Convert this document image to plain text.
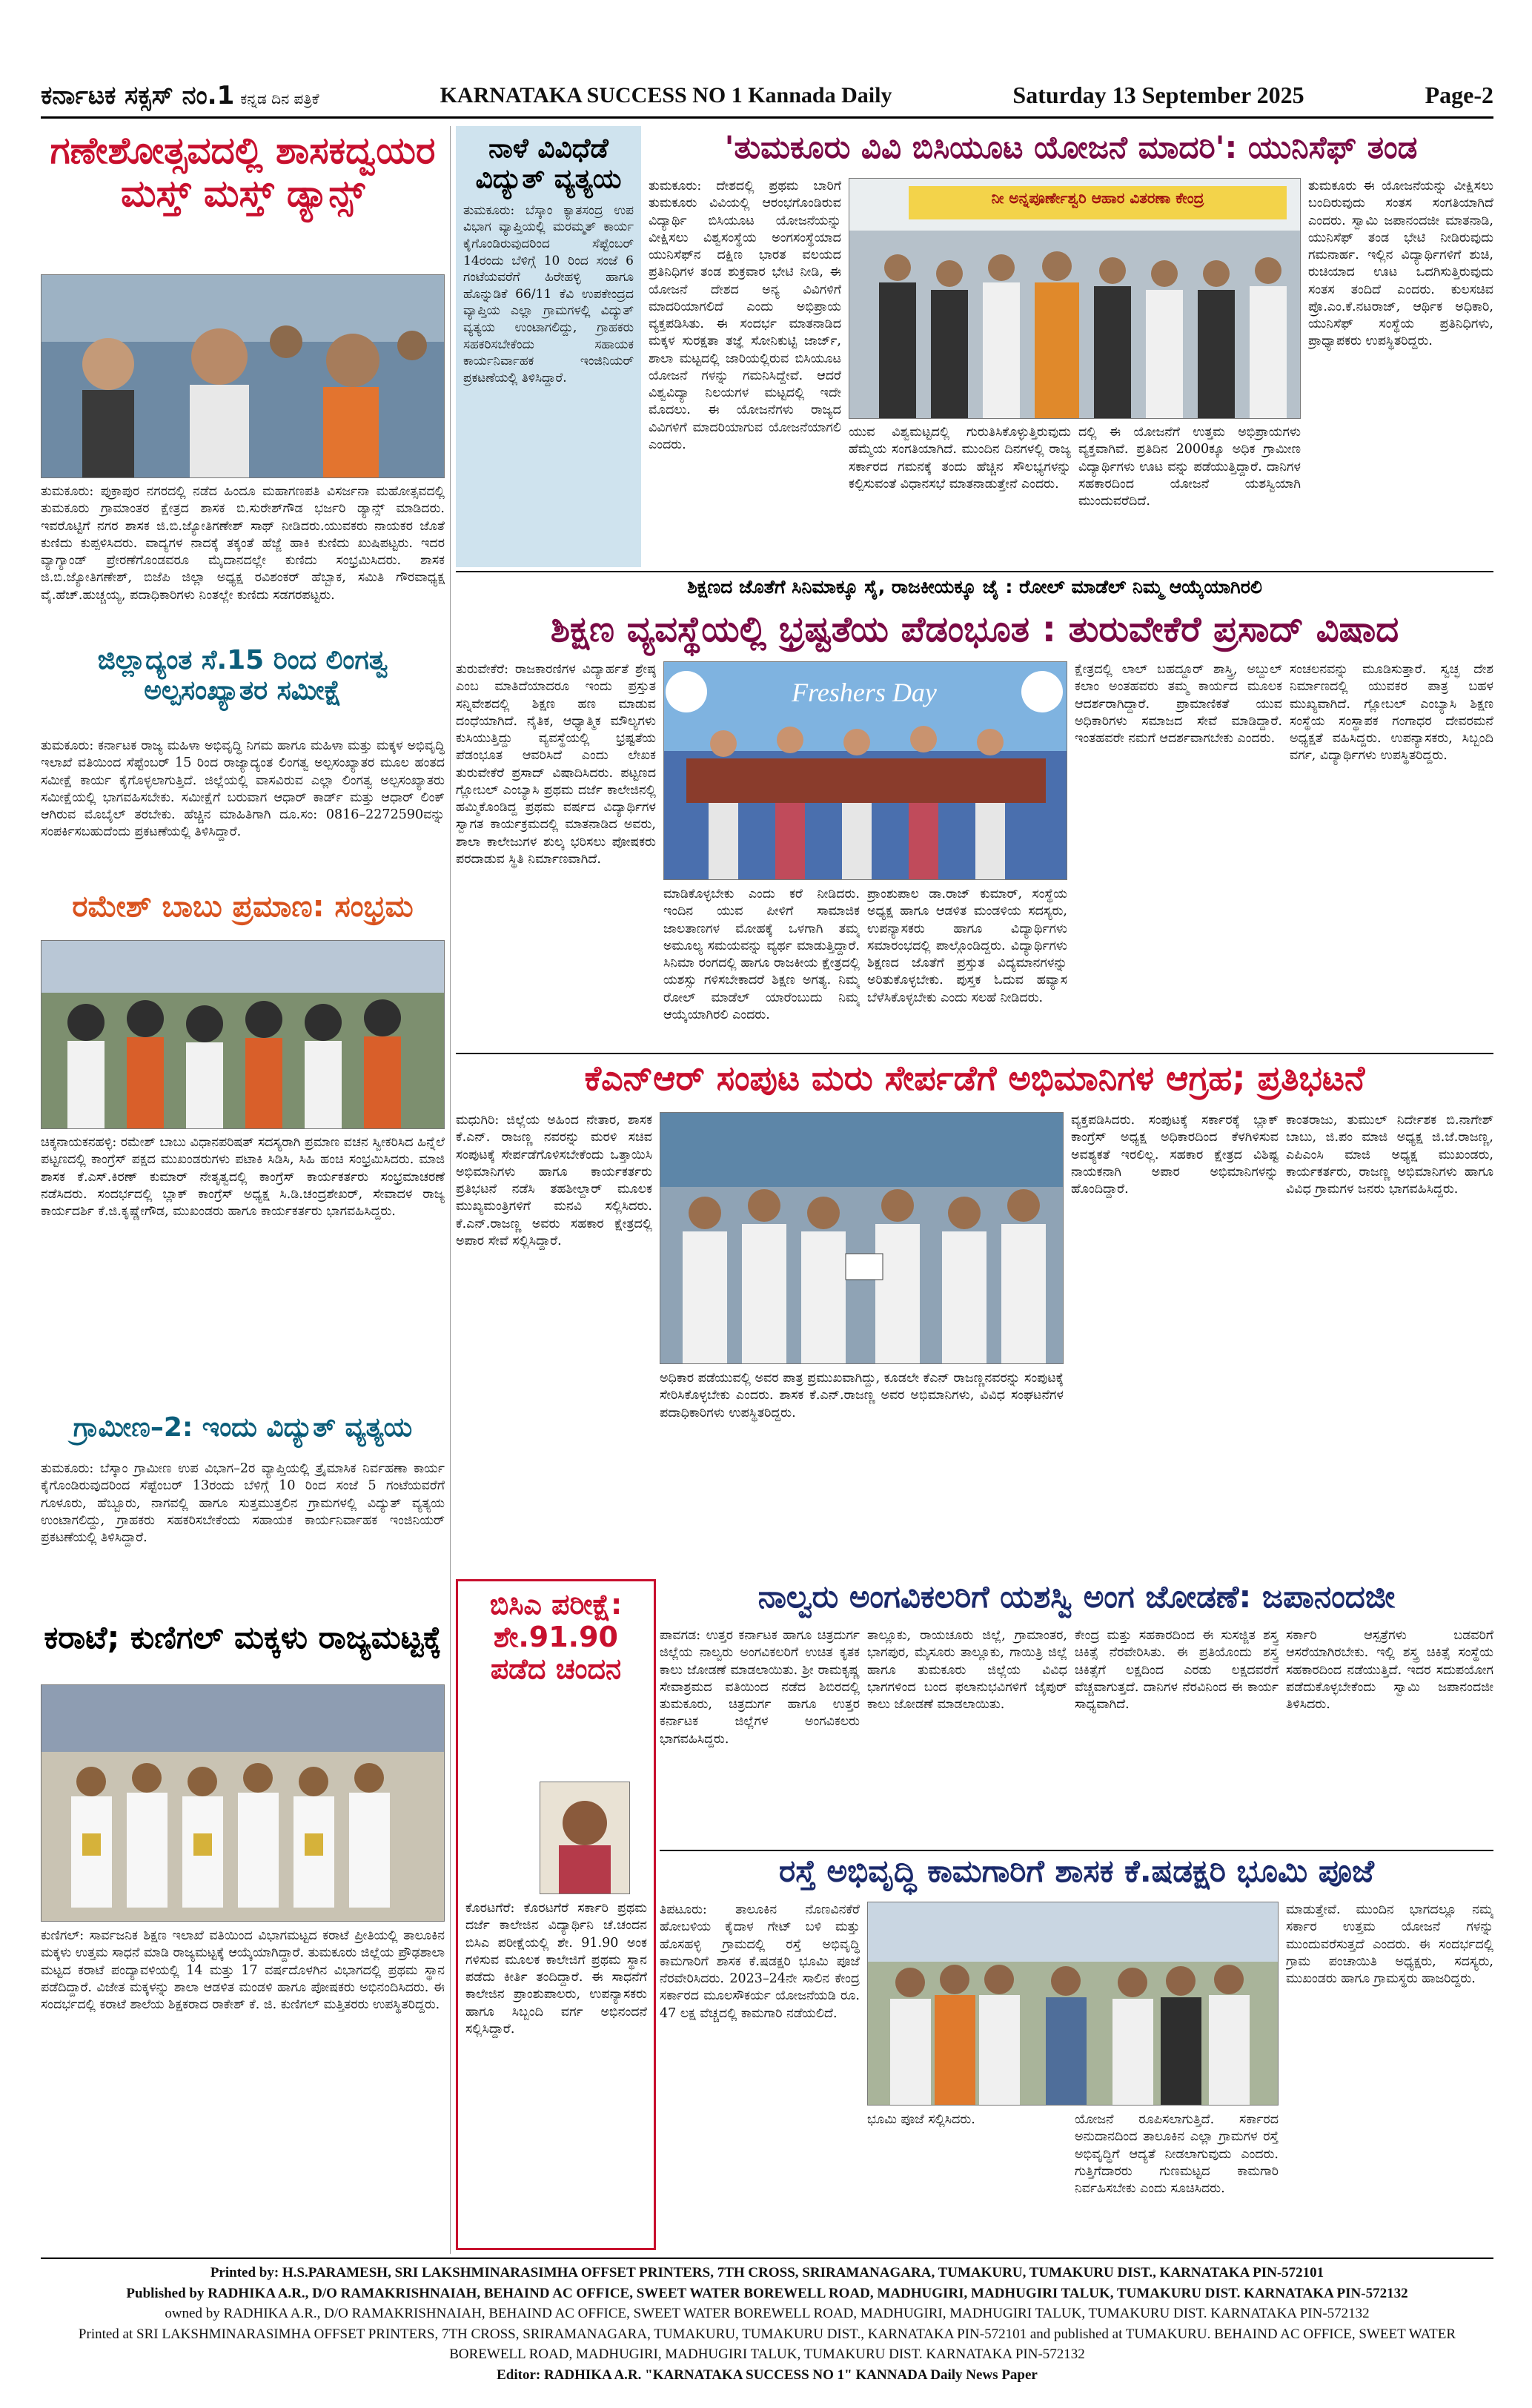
ಕರ್ನಾಟಕ ಸಕ್ಸಸ್ ನಂ.1 ಕನ್ನಡ ದಿನ ಪತ್ರಿಕೆ	KARNATAKA SUCCESS NO 1 Kannada Daily	Saturday 13 September 2025	Page-2
ಗಣೇಶೋತ್ಸವದಲ್ಲಿ ಶಾಸಕದ್ವಯರ ಮಸ್ತ್ ಮಸ್ತ್ ಡ್ಯಾನ್ಸ್
ತುಮಕೂರು: ಪುಕ್ರಾಪುರ ನಗರದಲ್ಲಿ ನಡೆದ ಹಿಂದೂ ಮಹಾಗಣಪತಿ ವಿಸರ್ಜನಾ ಮಹೋತ್ಸವದಲ್ಲಿ ತುಮಕೂರು ಗ್ರಾಮಾಂತರ ಕ್ಷೇತ್ರದ ಶಾಸಕ ಬಿ.ಸುರೇಶ್‌ಗೌಡ ಭರ್ಜರಿ ಡ್ಯಾನ್ಸ್ ಮಾಡಿದರು. ಇವರೊಟ್ಟಿಗೆ ನಗರ ಶಾಸಕ ಜಿ.ಬಿ.ಜ್ಯೋತಿಗಣೇಶ್ ಸಾಥ್ ನೀಡಿದರು.ಯುವಕರು ನಾಯಕರ ಜೊತೆ ಕುಣಿದು ಕುಪ್ಪಳಿಸಿದರು. ವಾದ್ಯಗಳ ನಾದಕ್ಕೆ ತಕ್ಕಂತೆ ಹೆಜ್ಜೆ ಹಾಕಿ ಕುಣಿದು ಖುಷಿಪಟ್ಟರು. ಇದರ ವ್ಯಾಗ್ಯಾಂಡ್ ಪ್ರೇರಣೆಗೊಂಡವರೂ ಮೈದಾನದಲ್ಲೇ ಕುಣಿದು ಸಂಭ್ರಮಿಸಿದರು. ಶಾಸಕ ಜಿ.ಬಿ.ಜ್ಯೋತಿಗಣೇಶ್, ಬಿಜೆಪಿ ಜಿಲ್ಲಾ ಅಧ್ಯಕ್ಷ ರವಿಶಂಕರ್ ಹೆಬ್ಬಾಕ, ಸಮಿತಿ ಗೌರವಾಧ್ಯಕ್ಷ ವೈ.ಹೆಚ್.ಹುಚ್ಚಯ್ಯ, ಪದಾಧಿಕಾರಿಗಳು ನಿಂತಲ್ಲೇ ಕುಣಿದು ಸಡಗರಪಟ್ಟರು.
ಜಿಲ್ಲಾದ್ಯಂತ ಸೆ.15 ರಿಂದ ಲಿಂಗತ್ವ ಅಲ್ಪಸಂಖ್ಯಾತರ ಸಮೀಕ್ಷೆ
ತುಮಕೂರು: ಕರ್ನಾಟಕ ರಾಜ್ಯ ಮಹಿಳಾ ಅಭಿವೃದ್ಧಿ ನಿಗಮ ಹಾಗೂ ಮಹಿಳಾ ಮತ್ತು ಮಕ್ಕಳ ಅಭಿವೃದ್ಧಿ ಇಲಾಖೆ ವತಿಯಿಂದ ಸೆಪ್ಟೆಂಬರ್ 15 ರಿಂದ ರಾಜ್ಯಾದ್ಯಂತ ಲಿಂಗತ್ವ ಅಲ್ಪಸಂಖ್ಯಾತರ ಮೂಲ ಹಂತದ ಸಮೀಕ್ಷೆ ಕಾರ್ಯ ಕೈಗೊಳ್ಳಲಾಗುತ್ತಿದೆ. ಜಿಲ್ಲೆಯಲ್ಲಿ ವಾಸವಿರುವ ಎಲ್ಲಾ ಲಿಂಗತ್ವ ಅಲ್ಪಸಂಖ್ಯಾತರು ಸಮೀಕ್ಷೆಯಲ್ಲಿ ಭಾಗವಹಿಸಬೇಕು. ಸಮೀಕ್ಷೆಗೆ ಬರುವಾಗ ಆಧಾರ್ ಕಾರ್ಡ್ ಮತ್ತು ಆಧಾರ್ ಲಿಂಕ್ ಆಗಿರುವ ಮೊಬೈಲ್ ತರಬೇಕು. ಹೆಚ್ಚಿನ ಮಾಹಿತಿಗಾಗಿ ದೂ.ಸಂ: 0816–2272590ವನ್ನು ಸಂಪರ್ಕಿಸಬಹುದೆಂದು ಪ್ರಕಟಣೆಯಲ್ಲಿ ತಿಳಿಸಿದ್ದಾರೆ.
ರಮೇಶ್ ಬಾಬು ಪ್ರಮಾಣ: ಸಂಭ್ರಮ
ಚಿಕ್ಕನಾಯಕನಹಳ್ಳಿ: ರಮೇಶ್ ಬಾಬು ವಿಧಾನಪರಿಷತ್ ಸದಸ್ಯರಾಗಿ ಪ್ರಮಾಣ ವಚನ ಸ್ವೀಕರಿಸಿದ ಹಿನ್ನೆಲೆ ಪಟ್ಟಣದಲ್ಲಿ ಕಾಂಗ್ರೆಸ್ ಪಕ್ಷದ ಮುಖಂಡರುಗಳು ಪಟಾಕಿ ಸಿಡಿಸಿ, ಸಿಹಿ ಹಂಚಿ ಸಂಭ್ರಮಿಸಿದರು. ಮಾಜಿ ಶಾಸಕ ಕೆ.ಎಸ್.ಕಿರಣ್ ಕುಮಾರ್ ನೇತೃತ್ವದಲ್ಲಿ ಕಾಂಗ್ರೆಸ್ ಕಾರ್ಯಕರ್ತರು ಸಂಭ್ರಮಾಚರಣೆ ನಡೆಸಿದರು. ಸಂದರ್ಭದಲ್ಲಿ ಬ್ಲಾಕ್ ಕಾಂಗ್ರೆಸ್ ಅಧ್ಯಕ್ಷ ಸಿ.ಡಿ.ಚಂದ್ರಶೇಖರ್, ಸೇವಾದಳ ರಾಜ್ಯ ಕಾರ್ಯದರ್ಶಿ ಕೆ.ಜಿ.ಕೃಷ್ಣೇಗೌಡ, ಮುಖಂಡರು ಹಾಗೂ ಕಾರ್ಯಕರ್ತರು ಭಾಗವಹಿಸಿದ್ದರು.
ಗ್ರಾಮೀಣ–2: ಇಂದು ವಿದ್ಯುತ್ ವ್ಯತ್ಯಯ
ತುಮಕೂರು: ಬೆಸ್ಕಾಂ ಗ್ರಾಮೀಣ ಉಪ ವಿಭಾಗ–2ರ ವ್ಯಾಪ್ತಿಯಲ್ಲಿ ತ್ರೈಮಾಸಿಕ ನಿರ್ವಹಣಾ ಕಾರ್ಯ ಕೈಗೊಂಡಿರುವುದರಿಂದ ಸೆಪ್ಟೆಂಬರ್ 13ರಂದು ಬೆಳಿಗ್ಗೆ 10 ರಿಂದ ಸಂಜೆ 5 ಗಂಟೆಯವರೆಗೆ ಗೂಳೂರು, ಹೆಬ್ಬೂರು, ನಾಗವಲ್ಲಿ ಹಾಗೂ ಸುತ್ತಮುತ್ತಲಿನ ಗ್ರಾಮಗಳಲ್ಲಿ ವಿದ್ಯುತ್ ವ್ಯತ್ಯಯ ಉಂಟಾಗಲಿದ್ದು, ಗ್ರಾಹಕರು ಸಹಕರಿಸಬೇಕೆಂದು ಸಹಾಯಕ ಕಾರ್ಯನಿರ್ವಾಹಕ ಇಂಜಿನಿಯರ್ ಪ್ರಕಟಣೆಯಲ್ಲಿ ತಿಳಿಸಿದ್ದಾರೆ.
ಕರಾಟೆ; ಕುಣಿಗಲ್ ಮಕ್ಕಳು ರಾಜ್ಯಮಟ್ಟಕ್ಕೆ
ಕುಣಿಗಲ್: ಸಾರ್ವಜನಿಕ ಶಿಕ್ಷಣ ಇಲಾಖೆ ವತಿಯಿಂದ ವಿಭಾಗಮಟ್ಟದ ಕರಾಟೆ ಪ್ರೀತಿಯಲ್ಲಿ ತಾಲೂಕಿನ ಮಕ್ಕಳು ಉತ್ತಮ ಸಾಧನೆ ಮಾಡಿ ರಾಜ್ಯಮಟ್ಟಕ್ಕೆ ಆಯ್ಕೆಯಾಗಿದ್ದಾರೆ. ತುಮಕೂರು ಜಿಲ್ಲೆಯ ಪ್ರೌಢಶಾಲಾ ಮಟ್ಟದ ಕರಾಟೆ ಪಂದ್ಯಾವಳಿಯಲ್ಲಿ 14 ಮತ್ತು 17 ವರ್ಷದೊಳಗಿನ ವಿಭಾಗದಲ್ಲಿ ಪ್ರಥಮ ಸ್ಥಾನ ಪಡೆದಿದ್ದಾರೆ. ವಿಜೇತ ಮಕ್ಕಳನ್ನು ಶಾಲಾ ಆಡಳಿತ ಮಂಡಳಿ ಹಾಗೂ ಪೋಷಕರು ಅಭಿನಂದಿಸಿದರು. ಈ ಸಂದರ್ಭದಲ್ಲಿ ಕರಾಟೆ ಶಾಲೆಯ ಶಿಕ್ಷಕರಾದ ರಾಕೇಶ್ ಕೆ. ಜಿ. ಕುಣಿಗಲ್ ಮತ್ತಿತರರು ಉಪಸ್ಥಿತರಿದ್ದರು.
ನಾಳೆ ವಿವಿಧೆಡೆ ವಿದ್ಯುತ್ ವ್ಯತ್ಯಯ
ತುಮಕೂರು: ಬೆಸ್ಕಾಂ ಕ್ಯಾತಸಂದ್ರ ಉಪ ವಿಭಾಗ ವ್ಯಾಪ್ತಿಯಲ್ಲಿ ಮರಮ್ಮತ್ ಕಾರ್ಯ ಕೈಗೊಂಡಿರುವುದರಿಂದ ಸೆಪ್ಟೆಂಬರ್ 14ರಂದು ಬೆಳಿಗ್ಗೆ 10 ರಿಂದ ಸಂಜೆ 6 ಗಂಟೆಯವರೆಗೆ ಹಿರೇಹಳ್ಳಿ ಹಾಗೂ ಹೊನ್ನುಡಿಕೆ 66/11 ಕೆವಿ ಉಪಕೇಂದ್ರದ ವ್ಯಾಪ್ತಿಯ ಎಲ್ಲಾ ಗ್ರಾಮಗಳಲ್ಲಿ ವಿದ್ಯುತ್ ವ್ಯತ್ಯಯ ಉಂಟಾಗಲಿದ್ದು, ಗ್ರಾಹಕರು ಸಹಕರಿಸಬೇಕೆಂದು ಸಹಾಯಕ ಕಾರ್ಯನಿರ್ವಾಹಕ ಇಂಜಿನಿಯರ್ ಪ್ರಕಟಣೆಯಲ್ಲಿ ತಿಳಿಸಿದ್ದಾರೆ.
'ತುಮಕೂರು ವಿವಿ ಬಿಸಿಯೂಟ ಯೋಜನೆ ಮಾದರಿ': ಯುನಿಸೆಫ್ ತಂಡ
ತುಮಕೂರು: ದೇಶದಲ್ಲಿ ಪ್ರಥಮ ಬಾರಿಗೆ ತುಮಕೂರು ವಿವಿಯಲ್ಲಿ ಆರಂಭಗೊಂಡಿರುವ ವಿದ್ಯಾರ್ಥಿ ಬಿಸಿಯೂಟ ಯೋಜನೆಯನ್ನು ವೀಕ್ಷಿಸಲು ವಿಶ್ವಸಂಸ್ಥೆಯ ಅಂಗಸಂಸ್ಥೆಯಾದ ಯುನಿಸೆಫ್‌ನ ದಕ್ಷಿಣ ಭಾರತ ವಲಯದ ಪ್ರತಿನಿಧಿಗಳ ತಂಡ ಶುಕ್ರವಾರ ಭೇಟಿ ನೀಡಿ, ಈ ಯೋಜನೆ ದೇಶದ ಅನ್ಯ ವಿವಿಗಳಿಗೆ ಮಾದರಿಯಾಗಲಿದೆ ಎಂದು ಅಭಿಪ್ರಾಯ ವ್ಯಕ್ತಪಡಿಸಿತು. ಈ ಸಂದರ್ಭ ಮಾತನಾಡಿದ ಮಕ್ಕಳ ಸುರಕ್ಷತಾ ತಜ್ಞೆ ಸೋನಿಕುಟ್ಟಿ ಜಾರ್ಜ್, ಶಾಲಾ ಮಟ್ಟದಲ್ಲಿ ಜಾರಿಯಲ್ಲಿರುವ ಬಿಸಿಯೂಟ ಯೋಜನೆ ಗಳನ್ನು ಗಮನಿಸಿದ್ದೇವೆ. ಆದರೆ ವಿಶ್ವವಿದ್ಯಾ ನಿಲಯಗಳ ಮಟ್ಟದಲ್ಲಿ ಇದೇ ಮೊದಲು. ಈ ಯೋಜನೆಗಳು ರಾಜ್ಯದ ವಿವಿಗಳಿಗೆ ಮಾದರಿಯಾಗುವ ಯೋಜನೆಯಾಗಲಿ ಎಂದರು.
ನೀ ಅನ್ನಪೂರ್ಣೇಶ್ವರಿ ಆಹಾರ ವಿತರಣಾ ಕೇಂದ್ರ
ಯುವ ವಿಶ್ವಮಟ್ಟದಲ್ಲಿ ಗುರುತಿಸಿಕೊಳ್ಳುತ್ತಿರುವುದು ಹೆಮ್ಮೆಯ ಸಂಗತಿಯಾಗಿದೆ. ಮುಂದಿನ ದಿನಗಳಲ್ಲಿ ರಾಜ್ಯ ಸರ್ಕಾರದ ಗಮನಕ್ಕೆ ತಂದು ಹೆಚ್ಚಿನ ಸೌಲಭ್ಯಗಳನ್ನು ಕಲ್ಪಿಸುವಂತೆ ವಿಧಾನಸಭೆ ಮಾತನಾಡುತ್ತೇನೆ ಎಂದರು.
ದಲ್ಲಿ ಈ ಯೋಜನೆಗೆ ಉತ್ತಮ ಅಭಿಪ್ರಾಯಗಳು ವ್ಯಕ್ತವಾಗಿವೆ. ಪ್ರತಿದಿನ 2000ಕ್ಕೂ ಅಧಿಕ ಗ್ರಾಮೀಣ ವಿದ್ಯಾರ್ಥಿಗಳು ಊಟ ವನ್ನು ಪಡೆಯುತ್ತಿದ್ದಾರೆ. ದಾನಿಗಳ ಸಹಕಾರದಿಂದ ಯೋಜನೆ ಯಶಸ್ವಿಯಾಗಿ ಮುಂದುವರೆದಿದೆ.
ತುಮಕೂರು ಈ ಯೋಜನೆಯನ್ನು ವೀಕ್ಷಿಸಲು ಬಂದಿರುವುದು ಸಂತಸ ಸಂಗತಿಯಾಗಿದೆ ಎಂದರು. ಸ್ವಾಮಿ ಜಪಾನಂದಜೀ ಮಾತನಾಡಿ, ಯುನಿಸೆಫ್ ತಂಡ ಭೇಟಿ ನೀಡಿರುವುದು ಗಮನಾರ್ಹ. ಇಲ್ಲಿನ ವಿದ್ಯಾರ್ಥಿಗಳಿಗೆ ಶುಚಿ, ರುಚಿಯಾದ ಊಟ ಒದಗಿಸುತ್ತಿರುವುದು ಸಂತಸ ತಂದಿದೆ ಎಂದರು. ಕುಲಸಚಿವ ಪ್ರೊ.ಎಂ.ಕೆ.ನಟರಾಜ್, ಆರ್ಥಿಕ ಅಧಿಕಾರಿ, ಯುನಿಸೆಫ್ ಸಂಸ್ಥೆಯ ಪ್ರತಿನಿಧಿಗಳು, ಪ್ರಾಧ್ಯಾಪಕರು ಉಪಸ್ಥಿತರಿದ್ದರು.
ಶಿಕ್ಷಣದ ಜೊತೆಗೆ ಸಿನಿಮಾಕ್ಕೂ ಸೈ, ರಾಜಕೀಯಕ್ಕೂ ಜೈ : ರೋಲ್ ಮಾಡೆಲ್ ನಿಮ್ಮ ಆಯ್ಕೆಯಾಗಿರಲಿ
ಶಿಕ್ಷಣ ವ್ಯವಸ್ಥೆಯಲ್ಲಿ ಭ್ರಷ್ಟತೆಯ ಪೆಡಂಭೂತ : ತುರುವೇಕೆರೆ ಪ್ರಸಾದ್ ವಿಷಾದ
ತುರುವೇಕೆರೆ: ರಾಜಕಾರಣಿಗಳ ವಿದ್ಯಾರ್ಹತೆ ಶ್ರೇಷ್ಠ ಎಂಬ ಮಾತಿದೆಯಾದರೂ ಇಂದು ಪ್ರಸ್ತುತ ಸನ್ನಿವೇಶದಲ್ಲಿ ಶಿಕ್ಷಣ ಹಣ ಮಾಡುವ ದಂಧೆಯಾಗಿದೆ. ನೈತಿಕ, ಆಧ್ಯಾತ್ಮಿಕ ಮೌಲ್ಯಗಳು ಕುಸಿಯುತ್ತಿದ್ದು ವ್ಯವಸ್ಥೆಯಲ್ಲಿ ಭ್ರಷ್ಟತೆಯ ಪೆಡಂಭೂತ ಆವರಿಸಿದೆ ಎಂದು ಲೇಖಕ ತುರುವೇಕೆರೆ ಪ್ರಸಾದ್ ವಿಷಾದಿಸಿದರು. ಪಟ್ಟಣದ ಗ್ಲೋಬಲ್ ಎಂಬ್ಯಾಸಿ ಪ್ರಥಮ ದರ್ಜೆ ಕಾಲೇಜಿನಲ್ಲಿ ಹಮ್ಮಿಕೊಂಡಿದ್ದ ಪ್ರಥಮ ವರ್ಷದ ವಿದ್ಯಾರ್ಥಿಗಳ ಸ್ವಾಗತ ಕಾರ್ಯಕ್ರಮದಲ್ಲಿ ಮಾತನಾಡಿದ ಅವರು, ಶಾಲಾ ಕಾಲೇಜುಗಳ ಶುಲ್ಕ ಭರಿಸಲು ಪೋಷಕರು ಪರದಾಡುವ ಸ್ಥಿತಿ ನಿರ್ಮಾಣವಾಗಿದೆ.
Freshers Day
ಮಾಡಿಕೊಳ್ಳಬೇಕು ಎಂದು ಕರೆ ನೀಡಿದರು. ಇಂದಿನ ಯುವ ಪೀಳಿಗೆ ಸಾಮಾಜಿಕ ಜಾಲತಾಣಗಳ ಮೋಹಕ್ಕೆ ಒಳಗಾಗಿ ತಮ್ಮ ಅಮೂಲ್ಯ ಸಮಯವನ್ನು ವ್ಯರ್ಥ ಮಾಡುತ್ತಿದ್ದಾರೆ. ಸಿನಿಮಾ ರಂಗದಲ್ಲಿ ಹಾಗೂ ರಾಜಕೀಯ ಕ್ಷೇತ್ರದಲ್ಲಿ ಯಶಸ್ಸು ಗಳಿಸಬೇಕಾದರೆ ಶಿಕ್ಷಣ ಅಗತ್ಯ. ನಿಮ್ಮ ರೋಲ್ ಮಾಡೆಲ್ ಯಾರೆಂಬುದು ನಿಮ್ಮ ಆಯ್ಕೆಯಾಗಿರಲಿ ಎಂದರು.
ಪ್ರಾಂಶುಪಾಲ ಡಾ.ರಾಜ್ ಕುಮಾರ್, ಸಂಸ್ಥೆಯ ಅಧ್ಯಕ್ಷ ಹಾಗೂ ಆಡಳಿತ ಮಂಡಳಿಯ ಸದಸ್ಯರು, ಉಪನ್ಯಾಸಕರು ಹಾಗೂ ವಿದ್ಯಾರ್ಥಿಗಳು ಸಮಾರಂಭದಲ್ಲಿ ಪಾಲ್ಗೊಂಡಿದ್ದರು. ವಿದ್ಯಾರ್ಥಿಗಳು ಶಿಕ್ಷಣದ ಜೊತೆಗೆ ಪ್ರಸ್ತುತ ವಿದ್ಯಮಾನಗಳನ್ನು ಅರಿತುಕೊಳ್ಳಬೇಕು. ಪುಸ್ತಕ ಓದುವ ಹವ್ಯಾಸ ಬೆಳೆಸಿಕೊಳ್ಳಬೇಕು ಎಂದು ಸಲಹೆ ನೀಡಿದರು.
ಕ್ಷೇತ್ರದಲ್ಲಿ ಲಾಲ್ ಬಹದ್ದೂರ್ ಶಾಸ್ತ್ರಿ, ಅಬ್ದುಲ್ ಕಲಾಂ ಅಂತಹವರು ತಮ್ಮ ಕಾರ್ಯದ ಮೂಲಕ ಆದರ್ಶರಾಗಿದ್ದಾರೆ. ಪ್ರಾಮಾಣಿಕತೆ ಯುವ ಅಧಿಕಾರಿಗಳು ಸಮಾಜದ ಸೇವೆ ಮಾಡಿದ್ದಾರೆ. ಇಂತಹವರೇ ನಮಗೆ ಆದರ್ಶವಾಗಬೇಕು ಎಂದರು.
ಸಂಚಲನವನ್ನು ಮೂಡಿಸುತ್ತಾರೆ. ಸ್ವಚ್ಛ ದೇಶ ನಿರ್ಮಾಣದಲ್ಲಿ ಯುವಕರ ಪಾತ್ರ ಬಹಳ ಮುಖ್ಯವಾಗಿದೆ. ಗ್ಲೋಬಲ್ ಎಂಬ್ಯಾಸಿ ಶಿಕ್ಷಣ ಸಂಸ್ಥೆಯ ಸಂಸ್ಥಾಪಕ ಗಂಗಾಧರ ದೇವರಮನೆ ಅಧ್ಯಕ್ಷತೆ ವಹಿಸಿದ್ದರು. ಉಪನ್ಯಾಸಕರು, ಸಿಬ್ಬಂದಿ ವರ್ಗ, ವಿದ್ಯಾರ್ಥಿಗಳು ಉಪಸ್ಥಿತರಿದ್ದರು.
ಕೆಎನ್‌ಆರ್ ಸಂಪುಟ ಮರು ಸೇರ್ಪಡೆಗೆ ಅಭಿಮಾನಿಗಳ ಆಗ್ರಹ; ಪ್ರತಿಭಟನೆ
ಮಧುಗಿರಿ: ಜಿಲ್ಲೆಯ ಅಹಿಂದ ನೇತಾರ, ಶಾಸಕ ಕೆ.ಎನ್. ರಾಜಣ್ಣ ನವರನ್ನು ಮರಳಿ ಸಚಿವ ಸಂಪುಟಕ್ಕೆ ಸೇರ್ಪಡೆಗೊಳಿಸಬೇಕೆಂದು ಒತ್ತಾಯಿಸಿ ಅಭಿಮಾನಿಗಳು ಹಾಗೂ ಕಾರ್ಯಕರ್ತರು ಪ್ರತಿಭಟನೆ ನಡೆಸಿ ತಹಶೀಲ್ದಾರ್ ಮೂಲಕ ಮುಖ್ಯಮಂತ್ರಿಗಳಿಗೆ ಮನವಿ ಸಲ್ಲಿಸಿದರು. ಕೆ.ಎನ್.ರಾಜಣ್ಣ ಅವರು ಸಹಕಾರ ಕ್ಷೇತ್ರದಲ್ಲಿ ಅಪಾರ ಸೇವೆ ಸಲ್ಲಿಸಿದ್ದಾರೆ.
ಅಧಿಕಾರ ಪಡೆಯುವಲ್ಲಿ ಅವರ ಪಾತ್ರ ಪ್ರಮುಖವಾಗಿದ್ದು, ಕೂಡಲೇ ಕೆಎನ್ ರಾಜಣ್ಣನವರನ್ನು ಸಂಪುಟಕ್ಕೆ ಸೇರಿಸಿಕೊಳ್ಳಬೇಕು ಎಂದರು. ಶಾಸಕ ಕೆ.ಎನ್.ರಾಜಣ್ಣ ಅವರ ಅಭಿಮಾನಿಗಳು, ವಿವಿಧ ಸಂಘಟನೆಗಳ ಪದಾಧಿಕಾರಿಗಳು ಉಪಸ್ಥಿತರಿದ್ದರು.
ವ್ಯಕ್ತಪಡಿಸಿದರು. ಸಂಪುಟಕ್ಕೆ ಸರ್ಕಾರಕ್ಕೆ ಬ್ಲಾಕ್ ಕಾಂಗ್ರೆಸ್ ಅಧ್ಯಕ್ಷ ಅಧಿಕಾರದಿಂದ ಕೆಳಗಿಳಿಸುವ ಅವಶ್ಯಕತೆ ಇರಲಿಲ್ಲ. ಸಹಕಾರ ಕ್ಷೇತ್ರದ ವಿಶಿಷ್ಟ ನಾಯಕನಾಗಿ ಅಪಾರ ಅಭಿಮಾನಿಗಳನ್ನು ಹೊಂದಿದ್ದಾರೆ.
ಕಾಂತರಾಜು, ತುಮುಲ್ ನಿರ್ದೇಶಕ ಬಿ.ನಾಗೇಶ್ ಬಾಬು, ಜಿ.ಪಂ ಮಾಜಿ ಅಧ್ಯಕ್ಷ ಜಿ.ಜೆ.ರಾಜಣ್ಣ, ಎಪಿಎಂಸಿ ಮಾಜಿ ಅಧ್ಯಕ್ಷ ಮುಖಂಡರು, ಕಾರ್ಯಕರ್ತರು, ರಾಜಣ್ಣ ಅಭಿಮಾನಿಗಳು ಹಾಗೂ ವಿವಿಧ ಗ್ರಾಮಗಳ ಜನರು ಭಾಗವಹಿಸಿದ್ದರು.
ಬಿಸಿಎ ಪರೀಕ್ಷೆ: ಶೇ.91.90 ಪಡೆದ ಚಂದನ
ಕೊರಟಗೆರೆ: ಕೊರಟಗೆರೆ ಸರ್ಕಾರಿ ಪ್ರಥಮ ದರ್ಜೆ ಕಾಲೇಜಿನ ವಿದ್ಯಾರ್ಥಿನಿ ಚೆ.ಚಂದನ ಬಿಸಿಎ ಪರೀಕ್ಷೆಯಲ್ಲಿ ಶೇ. 91.90 ಅಂಕ ಗಳಿಸುವ ಮೂಲಕ ಕಾಲೇಜಿಗೆ ಪ್ರಥಮ ಸ್ಥಾನ ಪಡೆದು ಕೀರ್ತಿ ತಂದಿದ್ದಾರೆ. ಈ ಸಾಧನೆಗೆ ಕಾಲೇಜಿನ ಪ್ರಾಂಶುಪಾಲರು, ಉಪನ್ಯಾಸಕರು ಹಾಗೂ ಸಿಬ್ಬಂದಿ ವರ್ಗ ಅಭಿನಂದನೆ ಸಲ್ಲಿಸಿದ್ದಾರೆ.
ನಾಲ್ವರು ಅಂಗವಿಕಲರಿಗೆ ಯಶಸ್ವಿ ಅಂಗ ಜೋಡಣೆ: ಜಪಾನಂದಜೀ
ಪಾವಗಡ: ಉತ್ತರ ಕರ್ನಾಟಕ ಹಾಗೂ ಚಿತ್ರದುರ್ಗ ಜಿಲ್ಲೆಯ ನಾಲ್ವರು ಅಂಗವಿಕಲರಿಗೆ ಉಚಿತ ಕೃತಕ ಕಾಲು ಜೋಡಣೆ ಮಾಡಲಾಯಿತು. ಶ್ರೀ ರಾಮಕೃಷ್ಣ ಸೇವಾಶ್ರಮದ ವತಿಯಿಂದ ನಡೆದ ಶಿಬಿರದಲ್ಲಿ ತುಮಕೂರು, ಚಿತ್ರದುರ್ಗ ಹಾಗೂ ಉತ್ತರ ಕರ್ನಾಟಕ ಜಿಲ್ಲೆಗಳ ಅಂಗವಿಕಲರು ಭಾಗವಹಿಸಿದ್ದರು.
ತಾಲ್ಲೂಕು, ರಾಯಚೂರು ಜಿಲ್ಲೆ, ಗ್ರಾಮಾಂತರ, ಭಾಗಪುರ, ಮೈಸೂರು ತಾಲ್ಲೂಕು, ಗಾಯಿತ್ರಿ ಜಿಲ್ಲೆ ಹಾಗೂ ತುಮಕೂರು ಜಿಲ್ಲೆಯ ವಿವಿಧ ಭಾಗಗಳಿಂದ ಬಂದ ಫಲಾನುಭವಿಗಳಿಗೆ ಜೈಪುರ್ ಕಾಲು ಜೋಡಣೆ ಮಾಡಲಾಯಿತು.
ಕೇಂದ್ರ ಮತ್ತು ಸಹಕಾರದಿಂದ ಈ ಸುಸಜ್ಜಿತ ಶಸ್ತ್ರ ಚಿಕಿತ್ಸೆ ನೆರವೇರಿಸಿತು. ಈ ಪ್ರತಿಯೊಂದು ಶಸ್ತ್ರ ಚಿಕಿತ್ಸೆಗೆ ಲಕ್ಷದಿಂದ ಎರಡು ಲಕ್ಷದವರೆಗೆ ವೆಚ್ಚವಾಗುತ್ತದೆ. ದಾನಿಗಳ ನೆರವಿನಿಂದ ಈ ಕಾರ್ಯ ಸಾಧ್ಯವಾಗಿದೆ.
ಸರ್ಕಾರಿ ಆಸ್ಪತ್ರೆಗಳು ಬಡವರಿಗೆ ಆಸರೆಯಾಗಿರಬೇಕು. ಇಲ್ಲಿ ಶಸ್ತ್ರ ಚಿಕಿತ್ಸೆ ಸಂಸ್ಥೆಯ ಸಹಕಾರದಿಂದ ನಡೆಯುತ್ತಿದೆ. ಇದರ ಸದುಪಯೋಗ ಪಡೆದುಕೊಳ್ಳಬೇಕೆಂದು ಸ್ವಾಮಿ ಜಪಾನಂದಜೀ ತಿಳಿಸಿದರು.
ರಸ್ತೆ ಅಭಿವೃದ್ಧಿ ಕಾಮಗಾರಿಗೆ ಶಾಸಕ ಕೆ.ಷಡಕ್ಷರಿ ಭೂಮಿ ಪೂಜೆ
ತಿಪಟೂರು: ತಾಲೂಕಿನ ನೊಣವಿನಕೆರೆ ಹೋಬಳಿಯ ಕೈದಾಳ ಗೇಟ್ ಬಳಿ ಮತ್ತು ಹೊಸಹಳ್ಳಿ ಗ್ರಾಮದಲ್ಲಿ ರಸ್ತೆ ಅಭಿವೃದ್ಧಿ ಕಾಮಗಾರಿಗೆ ಶಾಸಕ ಕೆ.ಷಡಕ್ಷರಿ ಭೂಮಿ ಪೂಜೆ ನೆರವೇರಿಸಿದರು. 2023–24ನೇ ಸಾಲಿನ ಕೇಂದ್ರ ಸರ್ಕಾರದ ಮೂಲಸೌಕರ್ಯ ಯೋಜನೆಯಡಿ ರೂ. 47 ಲಕ್ಷ ವೆಚ್ಚದಲ್ಲಿ ಕಾಮಗಾರಿ ನಡೆಯಲಿದೆ.
ಭೂಮಿ ಪೂಜೆ ಸಲ್ಲಿಸಿದರು.	ಯೋಜನೆ ರೂಪಿಸಲಾಗುತ್ತಿದೆ. ಸರ್ಕಾರದ ಅನುದಾನದಿಂದ ತಾಲೂಕಿನ ಎಲ್ಲಾ ಗ್ರಾಮಗಳ ರಸ್ತೆ ಅಭಿವೃದ್ಧಿಗೆ ಆದ್ಯತೆ ನೀಡಲಾಗುವುದು ಎಂದರು. ಗುತ್ತಿಗೆದಾರರು ಗುಣಮಟ್ಟದ ಕಾಮಗಾರಿ ನಿರ್ವಹಿಸಬೇಕು ಎಂದು ಸೂಚಿಸಿದರು.
ಮಾಡುತ್ತೇವೆ. ಮುಂದಿನ ಭಾಗದಲ್ಲೂ ನಮ್ಮ ಸರ್ಕಾರ ಉತ್ತಮ ಯೋಜನೆ ಗಳನ್ನು ಮುಂದುವರೆಸುತ್ತದೆ ಎಂದರು. ಈ ಸಂದರ್ಭದಲ್ಲಿ ಗ್ರಾಮ ಪಂಚಾಯಿತಿ ಅಧ್ಯಕ್ಷರು, ಸದಸ್ಯರು, ಮುಖಂಡರು ಹಾಗೂ ಗ್ರಾಮಸ್ಥರು ಹಾಜರಿದ್ದರು.
Printed by: H.S.PARAMESH, SRI LAKSHMINARASIMHA OFFSET PRINTERS, 7TH CROSS, SRIRAMANAGARA, TUMAKURU, TUMAKURU DIST., KARNATAKA PIN-572101
Published by RADHIKA A.R., D/O RAMAKRISHNAIAH, BEHAIND AC OFFICE, SWEET WATER BOREWELL ROAD, MADHUGIRI, MADHUGIRI TALUK, TUMAKURU DIST. KARNATAKA PIN-572132
owned by RADHIKA A.R., D/O RAMAKRISHNAIAH, BEHAIND AC OFFICE, SWEET WATER BOREWELL ROAD, MADHUGIRI, MADHUGIRI TALUK, TUMAKURU DIST. KARNATAKA PIN-572132
Printed at SRI LAKSHMINARASIMHA OFFSET PRINTERS, 7TH CROSS, SRIRAMANAGARA, TUMAKURU, TUMAKURU DIST., KARNATAKA PIN-572101 and published at TUMAKURU. BEHAIND AC OFFICE, SWEET WATER BOREWELL ROAD, MADHUGIRI, MADHUGIRI TALUK, TUMAKURU DIST. KARNATAKA PIN-572132
Editor: RADHIKA A.R. "KARNATAKA SUCCESS NO 1" KANNADA Daily News Paper
